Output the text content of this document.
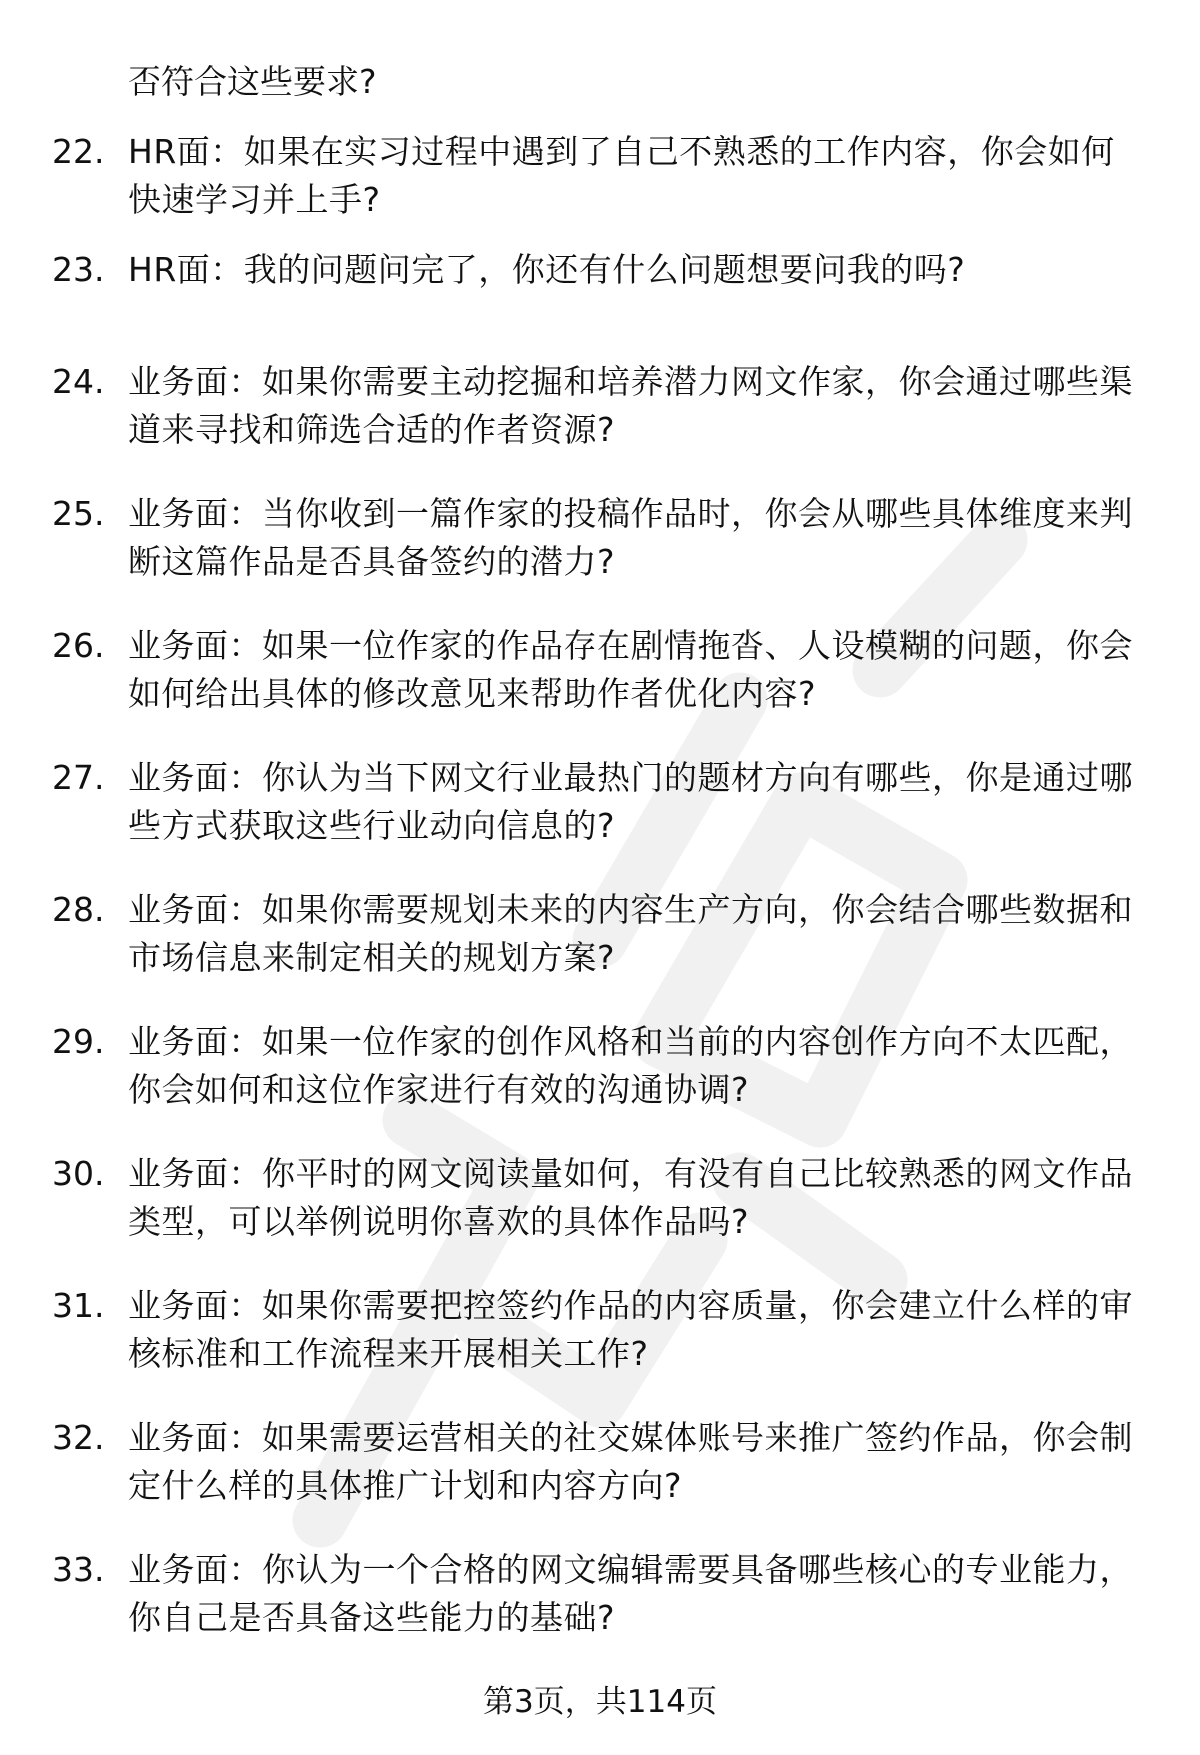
否符合这些要求?

22. HR面：如果在实习过程中遇到了自己不熟悉的工作内容，你会如何快速学习并上手?
23. HR面：我的问题问完了，你还有什么问题想要问我的吗?
24. 业务面：如果你需要主动挖掘和培养潜力网文作家，你会通过哪些渠道来寻找和筛选合适的作者资源?
25. 业务面：当你收到一篇作家的投稿作品时，你会从哪些具体维度来判断这篇作品是否具备签约的潜力?
26. 业务面：如果一位作家的作品存在剧情拖沓、人设模糊的问题，你会如何给出具体的修改意见来帮助作者优化内容?
27. 业务面：你认为当下网文行业最热门的题材方向有哪些，你是通过哪些方式获取这些行业动向信息的?
28. 业务面：如果你需要规划未来的内容生产方向，你会结合哪些数据和市场信息来制定相关的规划方案?
29. 业务面：如果一位作家的创作风格和当前的内容创作方向不太匹配，你会如何和这位作家进行有效的沟通协调?
30. 业务面：你平时的网文阅读量如何，有没有自己比较熟悉的网文作品类型，可以举例说明你喜欢的具体作品吗?
31. 业务面：如果你需要把控签约作品的内容质量，你会建立什么样的审核标准和工作流程来开展相关工作?
32. 业务面：如果需要运营相关的社交媒体账号来推广签约作品，你会制定什么样的具体推广计划和内容方向?
33. 业务面：你认为一个合格的网文编辑需要具备哪些核心的专业能力，你自己是否具备这些能力的基础?
第3页，共114页
